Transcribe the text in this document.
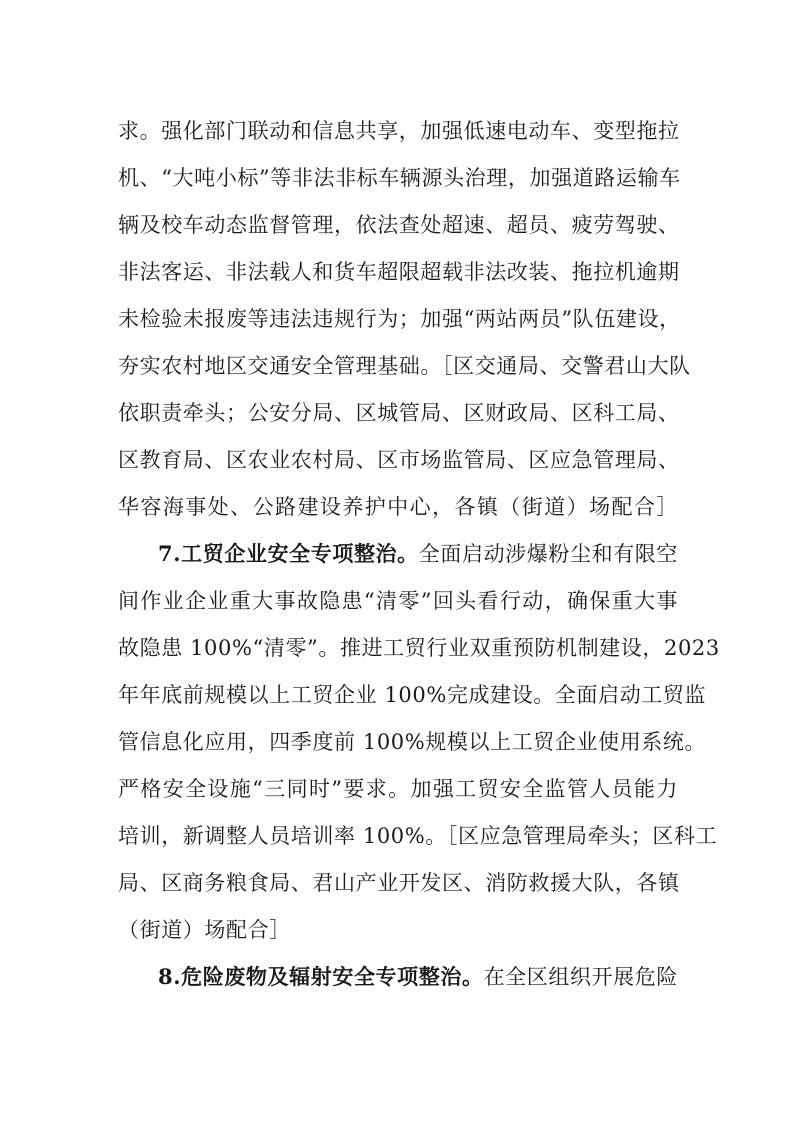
求。强化部门联动和信息共享，加强低速电动车、变型拖拉
机、“大吨小标”等非法非标车辆源头治理，加强道路运输车
辆及校车动态监督管理，依法查处超速、超员、疲劳驾驶、
非法客运、非法载人和货车超限超载非法改装、拖拉机逾期
未检验未报废等违法违规行为；加强“两站两员”队伍建设，
夯实农村地区交通安全管理基础。［区交通局、交警君山大队
依职责牵头；公安分局、区城管局、区财政局、区科工局、
区教育局、区农业农村局、区市场监管局、区应急管理局、
华容海事处、公路建设养护中心，各镇（街道）场配合］
7.工贸企业安全专项整治。全面启动涉爆粉尘和有限空
间作业企业重大事故隐患“清零”回头看行动，确保重大事
故隐患 100%“清零”。推进工贸行业双重预防机制建设，2023
年年底前规模以上工贸企业 100%完成建设。全面启动工贸监
管信息化应用，四季度前 100%规模以上工贸企业使用系统。
严格安全设施“三同时”要求。加强工贸安全监管人员能力
培训，新调整人员培训率 100%。［区应急管理局牵头；区科工
局、区商务粮食局、君山产业开发区、消防救援大队，各镇
（街道）场配合］
8.危险废物及辐射安全专项整治。在全区组织开展危险
